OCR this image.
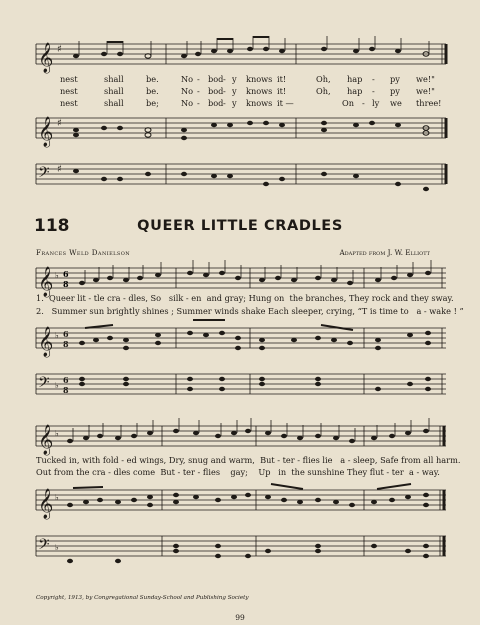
𝄞 ♯

nest

	shall

	be.

	No

-

bod

-

y

knows

it!

	Oh,

hap

-

py

we!"

nest

	shall

	be.

	No

-

bod

-

y

knows

it!

	Oh,

hap

-

py

we!"

nest

	shall

	be;

	No

-

bod

-

y

knows

it —

	On

-

ly

we

three!

𝄞 ♯
𝄢 ♯
118	QUEER LITTLE CRADLES
Frances Weld Danielson	Adapted from J. W. Elliott
𝄞 ♭ 6
8
1.  Queer lit - tle cra - dles, So   silk - en  and gray; Hung on  the branches, They rock and they sway.
2.   Summer sun brightly shines ; Summer winds shake Each sleeper, crying, “T is time to   a - wake ! ”
𝄞 ♭ 6
8
𝄢 ♭
6
8
𝄞 ♭
Tucked in, with fold - ed wings, Dry, snug and warm,  But - ter - flies lie   a - sleep, Safe from all harm.
Out from the cra - dles come  But - ter - flies    gay;    Up   in  the sunshine They flut - ter  a - way.
𝄞 ♭
𝄢 ♭
Copyright, 1913, by Congregational Sunday-School and Publishing Society
99
